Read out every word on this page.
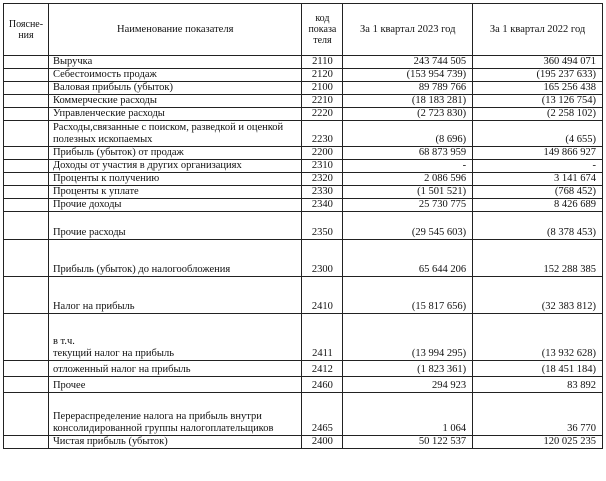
Поясне-ния	Наименование показателя	код показа теля	За 1 квартал 2023 год	За 1 квартал 2022 год

	Выручка	2110	243 744 505	360 494 071

	Себестоимость продаж	2120	(153 954 739)	(195 237 633)

	Валовая прибыль (убыток)	2100	89 789 766	165 256 438

	Коммерческие расходы	2210	(18 183 281)	(13 126 754)

	Управленческие расходы	2220	(2 723 830)	(2 258 102)

	Расходы,связанные с поиском, разведкой и оценкой
полезных ископаемых	2230	(8 696)	(4 655)

	Прибыль (убыток) от продаж	2200	68 873 959	149 866 927

	Доходы от участия в других организациях	2310	-	-

	Проценты к получению	2320	2 086 596	3 141 674

	Проценты к уплате	2330	(1 501 521)	(768 452)

	Прочие доходы	2340	25 730 775	8 426 689

	Прочие расходы	2350	(29 545 603)	(8 378 453)

	Прибыль (убыток) до налогообложения	2300	65 644 206	152 288 385

	Налог на прибыль	2410	(15 817 656)	(32 383 812)

	в т.ч.
текущий налог на прибыль	2411	(13 994 295)	(13 932 628)

	отложенный налог на прибыль	2412	(1 823 361)	(18 451 184)

	Прочее	2460	294 923	83 892

	Перераспределение налога на прибыль внутри
консолидированной группы налогоплательщиков	2465	1 064	36 770

	Чистая прибыль (убыток)	2400	50 122 537	120 025 235
